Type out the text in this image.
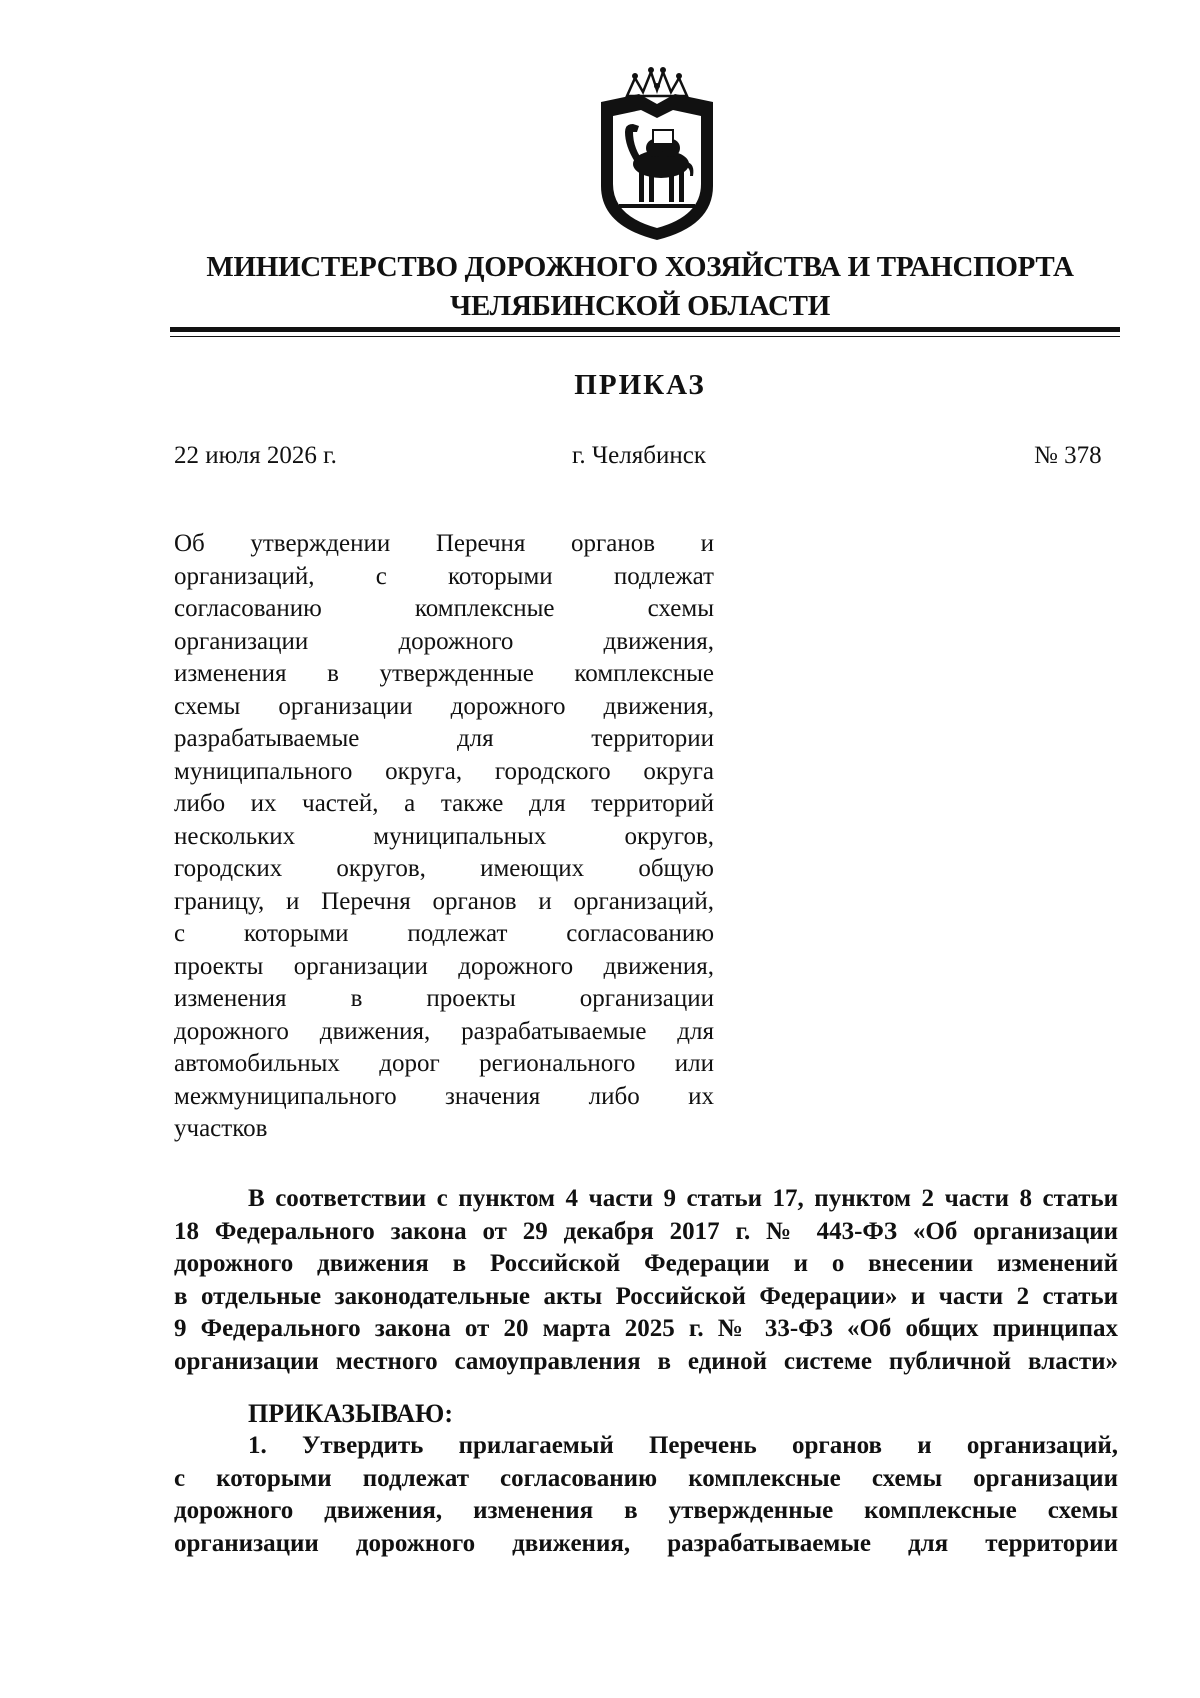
МИНИСТЕРСТВО ДОРОЖНОГО ХОЗЯЙСТВА И ТРАНСПОРТА
ЧЕЛЯБИНСКОЙ ОБЛАСТИ
ПРИКАЗ
22 июля 2026 г.	г. Челябинск	№ 378
Об утверждении Перечня органов и
организаций, с которыми подлежат
согласованию комплексные схемы
организации дорожного движения,
изменения в утвержденные комплексные
схемы организации дорожного движения,
разрабатываемые для территории
муниципального округа, городского округа
либо их частей, а также для территорий
нескольких муниципальных округов,
городских округов, имеющих общую
границу, и Перечня органов и организаций,
с которыми подлежат согласованию
проекты организации дорожного движения,
изменения в проекты организации
дорожного движения, разрабатываемые для
автомобильных дорог регионального или
межмуниципального значения либо их
участков
В соответствии с пунктом 4 части 9 статьи 17, пунктом 2 части 8 статьи
18 Федерального закона от 29 декабря 2017 г. № 443-ФЗ «Об организации
дорожного движения в Российской Федерации и о внесении изменений
в отдельные законодательные акты Российской Федерации» и части 2 статьи
9 Федерального закона от 20 марта 2025 г. № 33-ФЗ «Об общих принципах
организации местного самоуправления в единой системе публичной власти»
ПРИКАЗЫВАЮ:
1. Утвердить прилагаемый Перечень органов и организаций,
с которыми подлежат согласованию комплексные схемы организации
дорожного движения, изменения в утвержденные комплексные схемы
организации дорожного движения, разрабатываемые для территории
